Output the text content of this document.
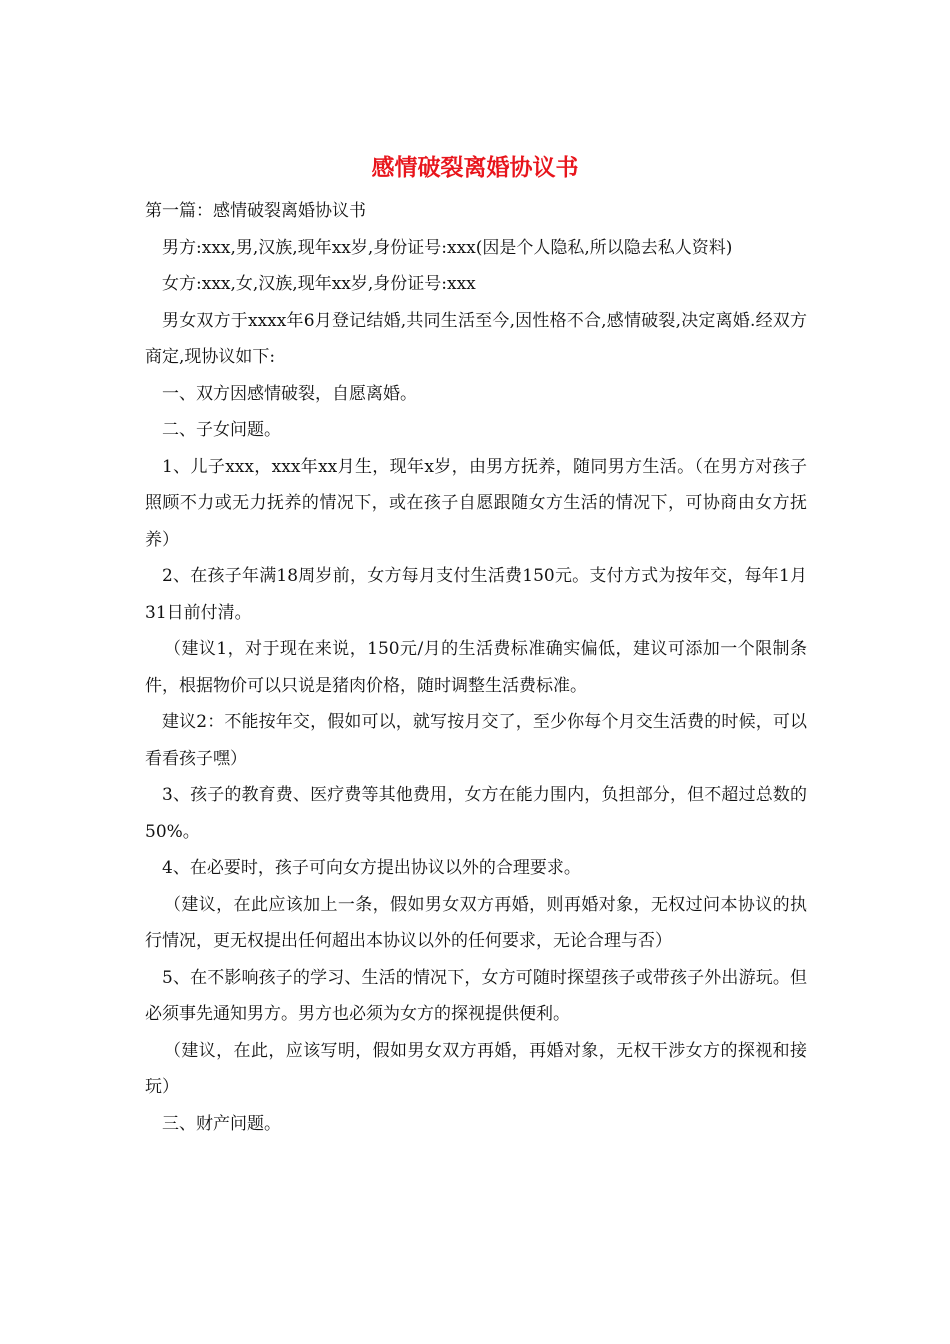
感情破裂离婚协议书

第一篇：感情破裂离婚协议书

男方:xxx,男,汉族,现年xx岁,身份证号:xxx(因是个人隐私,所以隐去私人资料)

女方:xxx,女,汉族,现年xx岁,身份证号:xxx

男女双方于xxxx年6月登记结婚,共同生活至今,因性格不合,感情破裂,决定离婚.经双方商定,现协议如下:

一、双方因感情破裂，自愿离婚。

二、子女问题。

1、儿子xxx，xxx年xx月生，现年x岁，由男方抚养，随同男方生活。（在男方对孩子照顾不力或无力抚养的情况下，或在孩子自愿跟随女方生活的情况下，可协商由女方抚养）

2、在孩子年满18周岁前，女方每月支付生活费150元。支付方式为按年交，每年1月31日前付清。

（建议1，对于现在来说，150元/月的生活费标准确实偏低，建议可添加一个限制条件，根据物价可以只说是猪肉价格，随时调整生活费标准。

建议2：不能按年交，假如可以，就写按月交了，至少你每个月交生活费的时候，可以看看孩子嘿）

3、孩子的教育费、医疗费等其他费用，女方在能力围内，负担部分，但不超过总数的50%。

4、在必要时，孩子可向女方提出协议以外的合理要求。

（建议，在此应该加上一条，假如男女双方再婚，则再婚对象，无权过问本协议的执行情况，更无权提出任何超出本协议以外的任何要求，无论合理与否）

5、在不影响孩子的学习、生活的情况下，女方可随时探望孩子或带孩子外出游玩。但必须事先通知男方。男方也必须为女方的探视提供便利。

（建议，在此，应该写明，假如男女双方再婚，再婚对象，无权干涉女方的探视和接玩）

三、财产问题。
